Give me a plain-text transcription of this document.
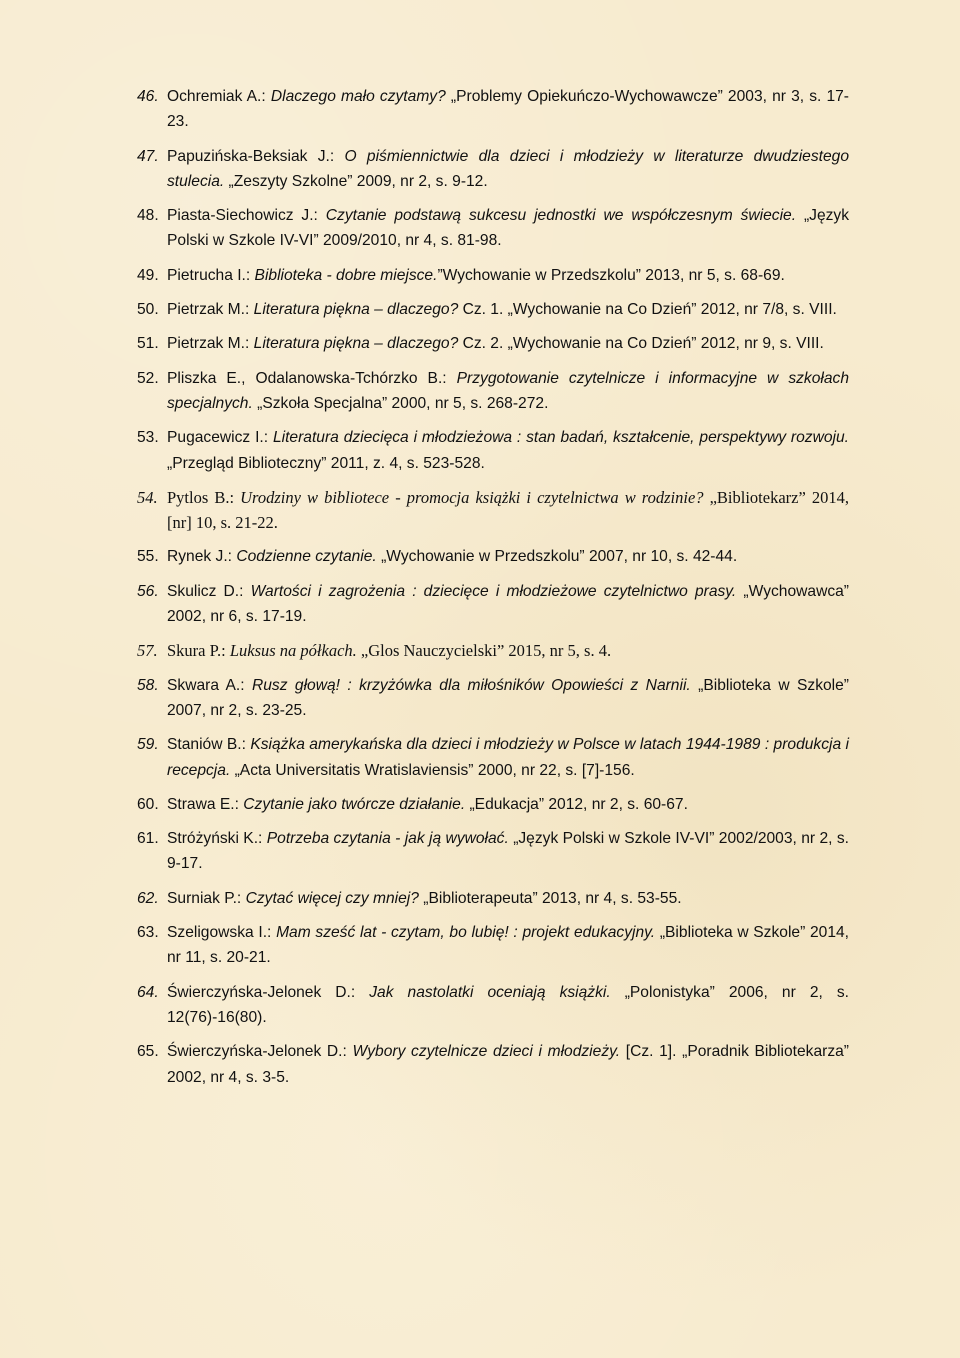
46. Ochremiak A.: Dlaczego mało czytamy? „Problemy Opiekuńczo-Wychowawcze” 2003, nr 3, s. 17-23.
47. Papuzińska-Beksiak J.: O piśmiennictwie dla dzieci i młodzieży w literaturze dwudziestego stulecia. „Zeszyty Szkolne” 2009, nr 2, s. 9-12.
48. Piasta-Siechowicz J.: Czytanie podstawą sukcesu jednostki we współczesnym świecie. „Język Polski w Szkole IV-VI” 2009/2010, nr 4, s. 81-98.
49. Pietrucha I.: Biblioteka - dobre miejsce.”Wychowanie w Przedszkolu” 2013, nr 5, s. 68-69.
50. Pietrzak M.: Literatura piękna – dlaczego? Cz. 1. „Wychowanie na Co Dzień” 2012, nr 7/8, s. VIII.
51. Pietrzak M.: Literatura piękna – dlaczego? Cz. 2. „Wychowanie na Co Dzień” 2012, nr 9, s. VIII.
52. Pliszka E., Odalanowska-Tchórzko B.: Przygotowanie czytelnicze i informacyjne w szkołach specjalnych. „Szkoła Specjalna” 2000, nr 5, s. 268-272.
53. Pugacewicz I.: Literatura dziecięca i młodzieżowa : stan badań, kształcenie, perspektywy rozwoju. „Przegląd Biblioteczny” 2011, z. 4, s. 523-528.
54. Pytlos B.: Urodziny w bibliotece - promocja książki i czytelnictwa w rodzinie? „Bibliotekarz” 2014, [nr] 10, s. 21-22.
55. Rynek J.: Codzienne czytanie. „Wychowanie w Przedszkolu” 2007, nr 10, s. 42-44.
56. Skulicz D.: Wartości i zagrożenia : dziecięce i młodzieżowe czytelnictwo prasy. „Wychowawca” 2002, nr 6, s. 17-19.
57. Skura P.: Luksus na półkach. „Glos Nauczycielski” 2015, nr 5, s. 4.
58. Skwara A.: Rusz głową! : krzyżówka dla miłośników Opowieści z Narnii. „Biblioteka w Szkole” 2007, nr 2, s. 23-25.
59. Staniów B.: Książka amerykańska dla dzieci i młodzieży w Polsce w latach 1944-1989 : produkcja i recepcja. „Acta Universitatis Wratislaviensis” 2000, nr 22, s. [7]-156.
60. Strawa E.: Czytanie jako twórcze działanie. „Edukacja” 2012, nr 2, s. 60-67.
61. Stróżyński K.: Potrzeba czytania - jak ją wywołać. „Język Polski w Szkole IV-VI” 2002/2003, nr 2, s. 9-17.
62. Surniak P.: Czytać więcej czy mniej? „Biblioterapeuta” 2013, nr 4, s. 53-55.
63. Szeligowska I.: Mam sześć lat - czytam, bo lubię! : projekt edukacyjny. „Biblioteka w Szkole” 2014, nr 11, s. 20-21.
64. Świerczyńska-Jelonek D.: Jak nastolatki oceniają książki. „Polonistyka” 2006, nr 2, s. 12(76)-16(80).
65. Świerczyńska-Jelonek D.: Wybory czytelnicze dzieci i młodzieży. [Cz. 1]. „Poradnik Bibliotekarza” 2002, nr 4, s. 3-5.
